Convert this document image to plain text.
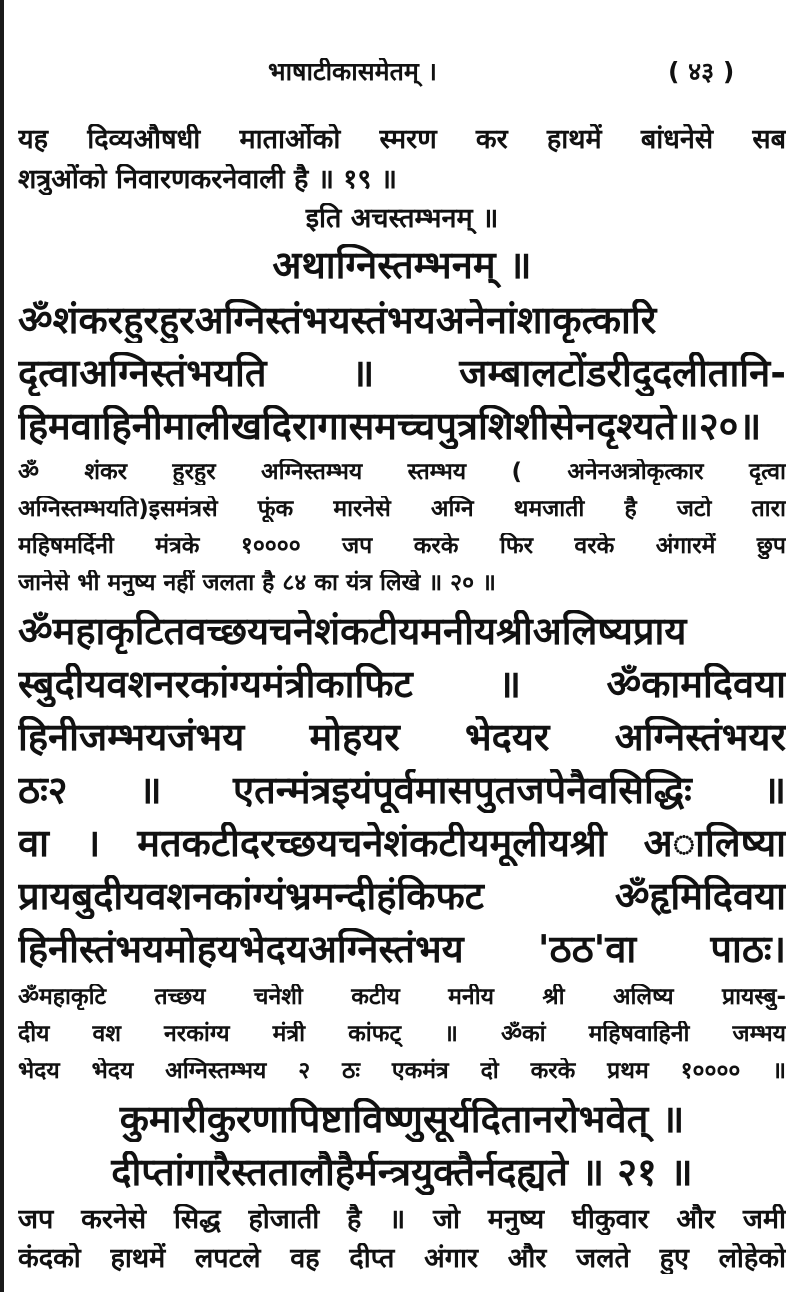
भाषाटीकासमेतम् ।	( ४३ )
यह दिव्यऔषधी मातार्ओको स्मरण कर हाथमें बांधनेसे सब
शत्रुओंको निवारणकरनेवाली है ॥ १९ ॥
इति अचस्तम्भनम् ॥
अथाग्निस्तम्भनम् ॥
ॐशंकरहुरहुरअग्निस्तंभयस्तंभयअनेनांशाकृत्कारि
दृत्वाअग्निस्तंभयति ॥ जम्बालटोंडरीदुदलीतानि-
हिमवाहिनीमालीखदिरागासमच्चपुत्रशिशीसेनदृश्यते॥२०॥
ॐ शंकर हुरहुर अग्निस्तम्भय स्तम्भय ( अनेनअत्रोकृत्कार दृत्वा
अग्निस्तम्भयति)इसमंत्रसे फूंक मारनेसे अग्नि थमजाती है जटो तारा
महिषमर्दिनी मंत्रके १०००० जप करके फिर वरके अंगारमें छुप
जानेसे भी मनुष्य नहीं जलता है ८४ का यंत्र लिखे ॥ २० ॥
ॐमहाकृटितवच्छयचनेशंकटीयमनीयश्रीअलिष्यप्राय
स्बुदीयवशनरकांग्यमंत्रीकाफिट ॥ ॐकामदिवया
हिनीजम्भयजंभय मोहयर भेदयर अग्निस्तंभयर
ठः२ ॥ एतन्मंत्रइयंपूर्वमासपुतजपेनैवसिद्धिः ॥
वा । मतकटीदरच्छयचनेशंकटीयमूलीयश्री अालिष्या
प्रायबुदीयवशनकांग्यंभ्रमन्दीहंकिफट ॐहृमिदिवया
हिनीस्तंभयमोहयभेदयअग्निस्तंभय 'ठठ'वा पाठः।
ॐमहाकृटि तच्छय चनेशी कटीय मनीय श्री अलिष्य प्रायस्बु-
दीय वश नरकांग्य मंत्री कांफट् ॥ ॐकां महिषवाहिनी जम्भय
भेदय भेदय अग्निस्तम्भय २ ठः एकमंत्र दो करके प्रथम १०००० ॥
कुमारीकुरणापिष्टाविष्णुसूर्यदितानरोभवेत् ॥
दीप्तांगारैस्ततालौहैर्मन्त्रयुक्तैर्नदह्यते ॥ २१ ॥
जप करनेसे सिद्ध होजाती है ॥ जो मनुष्य घीकुवार और जमी
कंदको हाथमें लपटले वह दीप्त अंगार और जलते हुए लोहेको
